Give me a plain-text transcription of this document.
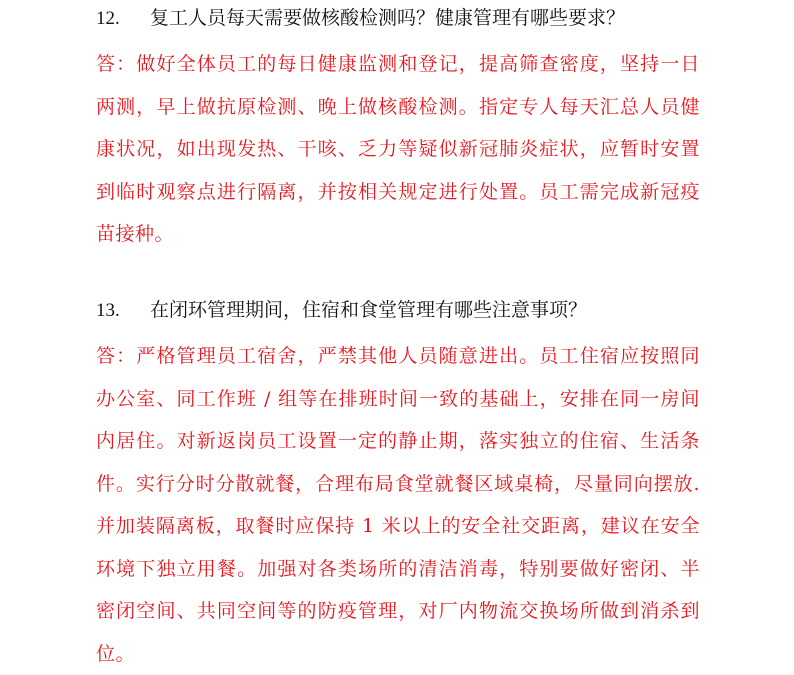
12.	复工人员每天需要做核酸检测吗？健康管理有哪些要求？
答：做好全体员工的每日健康监测和登记，提高筛查密度，坚持一日两测，早上做抗原检测、晚上做核酸检测。指定专人每天汇总人员健康状况，如出现发热、干咳、乏力等疑似新冠肺炎症状，应暂时安置到临时观察点进行隔离，并按相关规定进行处置。员工需完成新冠疫苗接种。
13.	在闭环管理期间，住宿和食堂管理有哪些注意事项？
答：严格管理员工宿舍，严禁其他人员随意进出。员工住宿应按照同办公室、同工作班 / 组等在排班时间一致的基础上，安排在同一房间内居住。对新返岗员工设置一定的静止期，落实独立的住宿、生活条件。实行分时分散就餐，合理布局食堂就餐区域桌椅，尽量同向摆放.并加装隔离板，取餐时应保持 1 米以上的安全社交距离，建议在安全环境下独立用餐。加强对各类场所的清洁消毒，特别要做好密闭、半密闭空间、共同空间等的防疫管理，对厂内物流交换场所做到消杀到位。
